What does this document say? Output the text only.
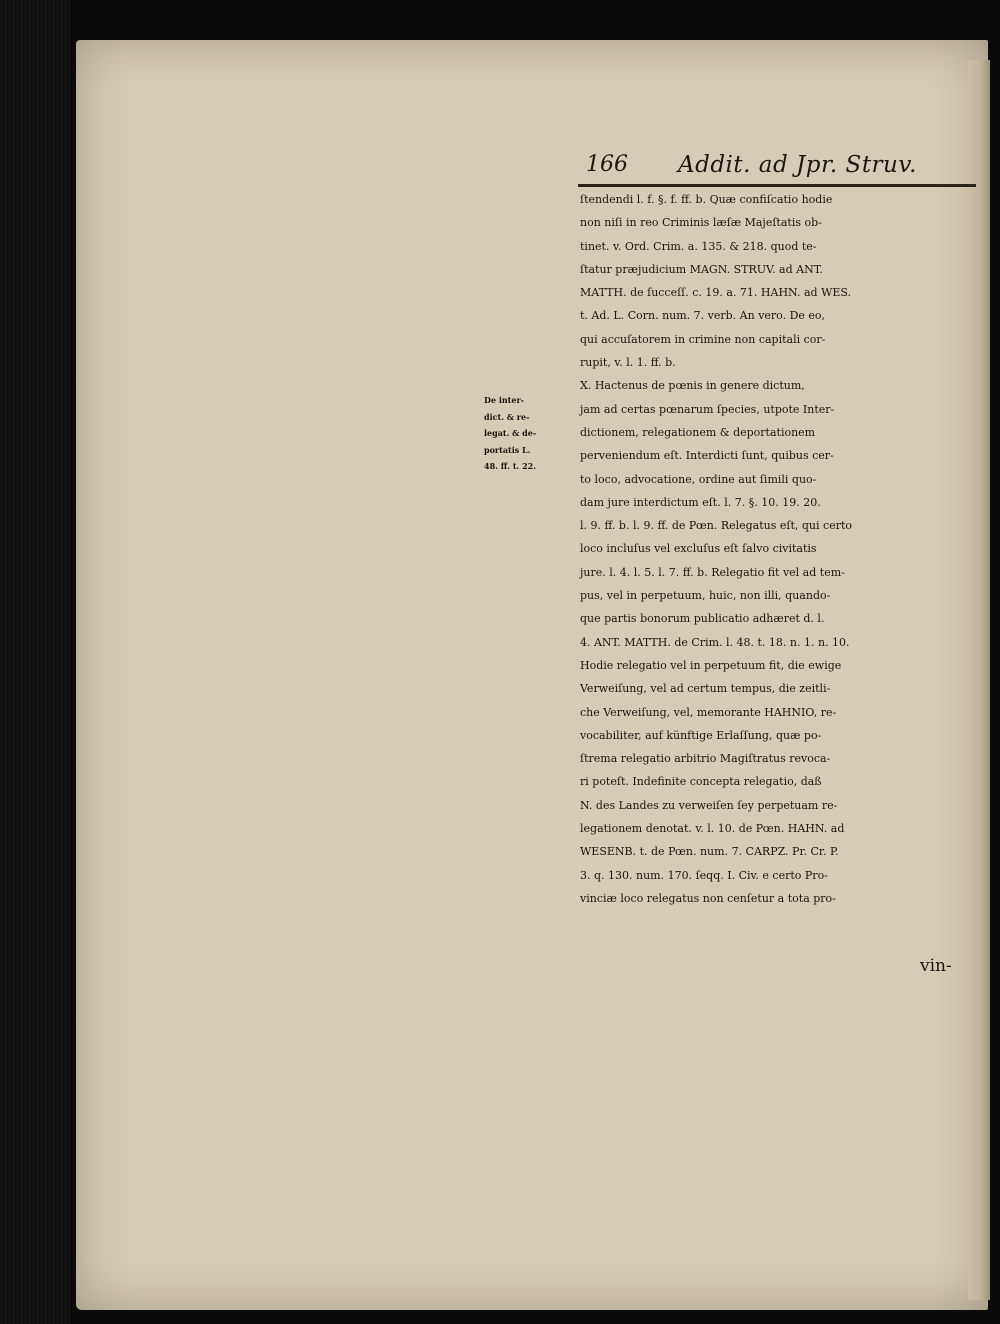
166 Addit. ad Jpr. Struv.
De inter-
dict. & re-
legat. & de-
portatis L.
48. ff. t. 22.
ſtendendi l. f. §. f. ff. b. Quæ confiſcatio hodie
non niſi in reo Criminis læſæ Majeſtatis ob-
tinet. v. Ord. Crim. a. 135. & 218. quod te-
ſtatur præjudicium MAGN. STRUV. ad ANT.
MATTH. de ſucceſſ. c. 19. a. 71. HAHN. ad WES.
t. Ad. L. Corn. num. 7. verb. An vero. De eo,
qui accuſatorem in crimine non capitali cor-
rupit, v. l. 1. ff. b.
X. Hactenus de pœnis in genere dictum,
jam ad certas pœnarum ſpecies, utpote Inter-
dictionem, relegationem & deportationem
perveniendum eſt. Interdicti ſunt, quibus cer-
to loco, advocatione, ordine aut ſimili quo-
dam jure interdictum eſt. l. 7. §. 10. 19. 20.
l. 9. ff. b. l. 9. ff. de Pœn. Relegatus eſt, qui certo
loco incluſus vel excluſus eſt ſalvo civitatis
jure. l. 4. l. 5. l. 7. ff. b. Relegatio fit vel ad tem-
pus, vel in perpetuum, huic, non illi, quando-
que partis bonorum publicatio adhæret d. l.
4. ANT. MATTH. de Crim. l. 48. t. 18. n. 1. n. 10.
Hodie relegatio vel in perpetuum fit, die ewige
Verweiſung, vel ad certum tempus, die zeitli-
che Verweiſung, vel, memorante HAHNIO, re-
vocabiliter, auf künftige Erlaſſung, quæ po-
ſtrema relegatio arbitrio Magiſtratus revoca-
ri poteſt. Indefinite concepta relegatio, daß
N. des Landes zu verweiſen ſey perpetuam re-
legationem denotat. v. l. 10. de Pœn. HAHN. ad
WESENB. t. de Pœn. num. 7. CARPZ. Pr. Cr. P.
3. q. 130. num. 170. ſeqq. I. Civ. e certo Pro-
vinciæ loco relegatus non cenſetur a tota pro-
vin-
